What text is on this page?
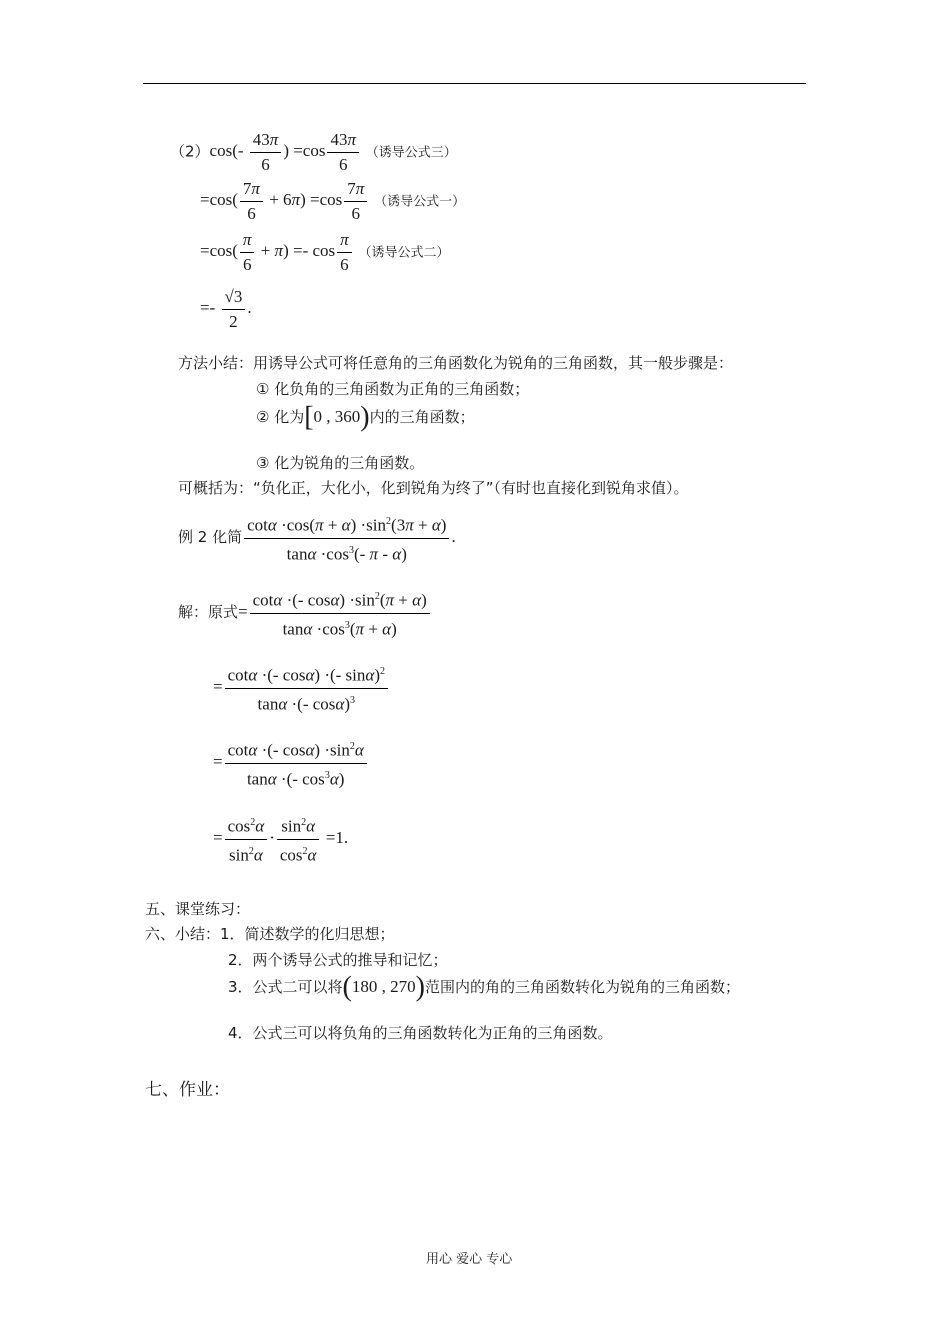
$(2)\cos(- \frac{43\pi}{6}$ ) $=\cos \frac{43\pi}{6}$ （诱导公式三）
$=\cos( \frac{7\pi}{6} + 6\pi) =\cos \frac{7\pi}{6}$ （诱导公式一）
$=\cos( \frac{\pi}{6} + \pi) =- \cos \frac{\pi}{6}$ （诱导公式二）
=- $\frac{√3}{2}$ .
方法小结：用诱导公式可将任意角的三角函数化为锐角的三角函数，其一般步骤是：
① 化负角的三角函数为正角的三角函数；
② 化为[0 , 360)内的三角函数；
③ 化为锐角的三角函数。
可概括为：“负化正，大化小，化到锐角为终了”（有时也直接化到锐角求值）。
例 2 化简 $\frac{\cot\alpha \cdot\cos(\pi + \alpha) \cdot\sin^2(3\pi + \alpha)}{\tan\alpha \cdot\cos^3(- \pi - \alpha)}$ .
解：原式= $\frac{\cot\alpha \cdot(- \cos\alpha) \cdot\sin^2(\pi + \alpha)}{\tan\alpha \cdot\cos^3(\pi + \alpha)}$
= $\frac{\cot\alpha \cdot(- \cos\alpha) \cdot(- \sin\alpha)^2}{\tan\alpha \cdot(- \cos\alpha)^3}$
= $\frac{\cot\alpha \cdot(- \cos\alpha) \cdot\sin^2\alpha}{\tan\alpha \cdot(- \cos^3\alpha)}$
= $\frac{\cos^2\alpha}{\sin^2\alpha} \cdot \frac{\sin^2\alpha}{\cos^2\alpha} =1$.
五、课堂练习：
六、小结：1．简述数学的化归思想；
2．两个诱导公式的推导和记忆；
3．公式二可以将(180 , 270)范围内的角的三角函数转化为锐角的三角函数；
4．公式三可以将负角的三角函数转化为正角的三角函数。
七、作业：
用心 爱心 专心
